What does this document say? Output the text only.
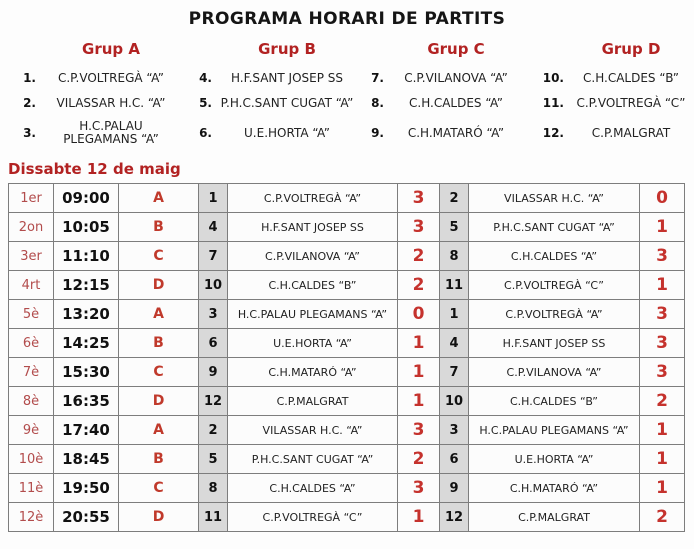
PROGRAMA HORARI DE PARTITS
Grup A	Grup B	Grup C	Grup D
1.	C.P.VOLTREGÀ “A”	4.	H.F.SANT JOSEP SS	7.	C.P.VILANOVA “A”	10.	C.H.CALDES “B”
2.	VILASSAR H.C. “A”	5. P.H.C.SANT CUGAT “A”	8.	C.H.CALDES “A”	11.	C.P.VOLTREGÀ “C”
3.	H.C.PALAU PLEGAMANS “A”	6.	U.E.HORTA “A”	9.	C.H.MATARÓ “A”	12.	C.P.MALGRAT
Dissabte 12 de maig
1er	09:00	A	1	C.P.VOLTREGÀ “A”	3	2	VILASSAR H.C. “A”	0
2on	10:05	B	4	H.F.SANT JOSEP SS	3	5	P.H.C.SANT CUGAT “A”	1
3er	11:10	C	7	C.P.VILANOVA “A”	2	8	C.H.CALDES “A”	3
4rt	12:15	D	10	C.H.CALDES “B”	2	11	C.P.VOLTREGÀ “C”	1
5è	13:20	A	3	H.C.PALAU PLEGAMANS “A”	0	1	C.P.VOLTREGÀ “A”	3
6è	14:25	B	6	U.E.HORTA “A”	1	4	H.F.SANT JOSEP SS	3
7è	15:30	C	9	C.H.MATARÓ “A”	1	7	C.P.VILANOVA “A”	3
8è	16:35	D	12	C.P.MALGRAT	1	10	C.H.CALDES “B”	2
9è	17:40	A	2	VILASSAR H.C. “A”	3	3	H.C.PALAU PLEGAMANS “A”	1
10è	18:45	B	5	P.H.C.SANT CUGAT “A”	2	6	U.E.HORTA “A”	1
11è	19:50	C	8	C.H.CALDES “A”	3	9	C.H.MATARÓ “A”	1
12è	20:55	D	11	C.P.VOLTREGÀ “C”	1	12	C.P.MALGRAT	2
